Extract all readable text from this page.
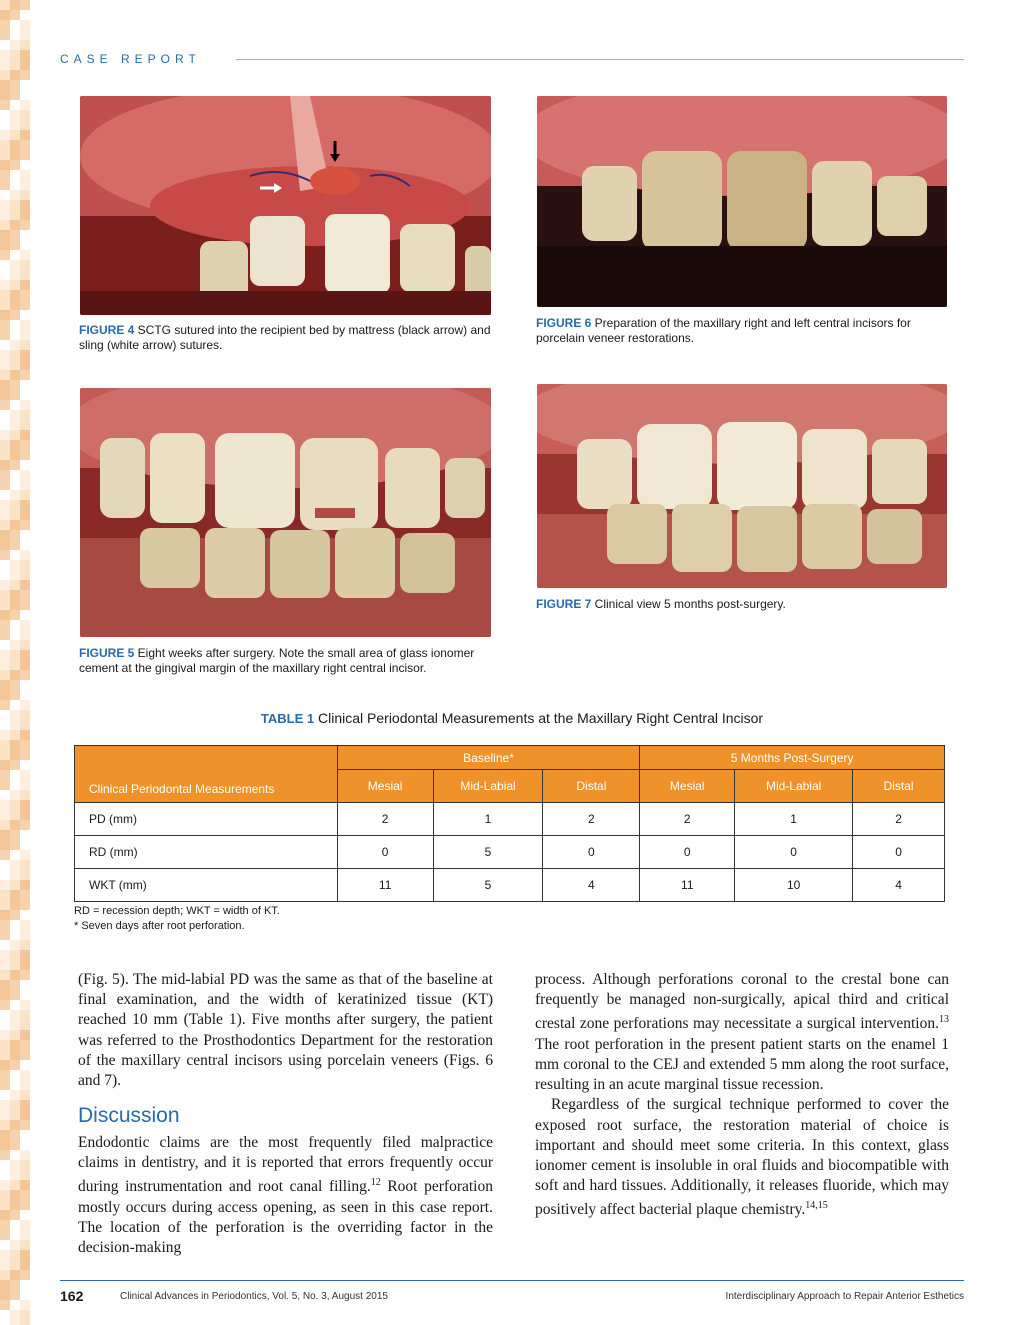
CASE REPORT
FIGURE 4 SCTG sutured into the recipient bed by mattress (black arrow) and sling (white arrow) sutures.
FIGURE 6 Preparation of the maxillary right and left central incisors for porcelain veneer restorations.
FIGURE 5 Eight weeks after surgery. Note the small area of glass ionomer cement at the gingival margin of the maxillary right central incisor.
FIGURE 7 Clinical view 5 months post-surgery.
TABLE 1 Clinical Periodontal Measurements at the Maxillary Right Central Incisor
Clinical Periodontal Measurements	Baseline*			5 Months Post-Surgery		
	Mesial	Mid-Labial	Distal	Mesial	Mid-Labial	Distal
PD (mm)	2	1	2	2	1	2
RD (mm)	0	5	0	0	0	0
WKT (mm)	11	5	4	11	10	4
RD = recession depth; WKT = width of KT.
* Seven days after root perforation.

(Fig. 5). The mid-labial PD was the same as that of the baseline at final examination, and the width of keratinized tissue (KT) reached 10 mm (Table 1). Five months after surgery, the patient was referred to the Prosthodontics Department for the restoration of the maxillary central incisors using porcelain veneers (Figs. 6 and 7).

Discussion

Endodontic claims are the most frequently filed malpractice claims in dentistry, and it is reported that errors frequently occur during instrumentation and root canal filling.$^{12}$ Root perforation mostly occurs during access opening, as seen in this case report. The location of the perforation is the overriding factor in the decision-making

process. Although perforations coronal to the crestal bone can frequently be managed non-surgically, apical third and critical crestal zone perforations may necessitate a surgical intervention.$^{13}$ The root perforation in the present patient starts on the enamel 1 mm coronal to the CEJ and extended 5 mm along the root surface, resulting in an acute marginal tissue recession.

Regardless of the surgical technique performed to cover the exposed root surface, the restoration material of choice is important and should meet some criteria. In this context, glass ionomer cement is insoluble in oral fluids and biocompatible with soft and hard tissues. Additionally, it releases fluoride, which may positively affect bacterial plaque chemistry.$^{14,15}$

162	Clinical Advances in Periodontics, Vol. 5, No. 3, August 2015	Interdisciplinary Approach to Repair Anterior Esthetics
